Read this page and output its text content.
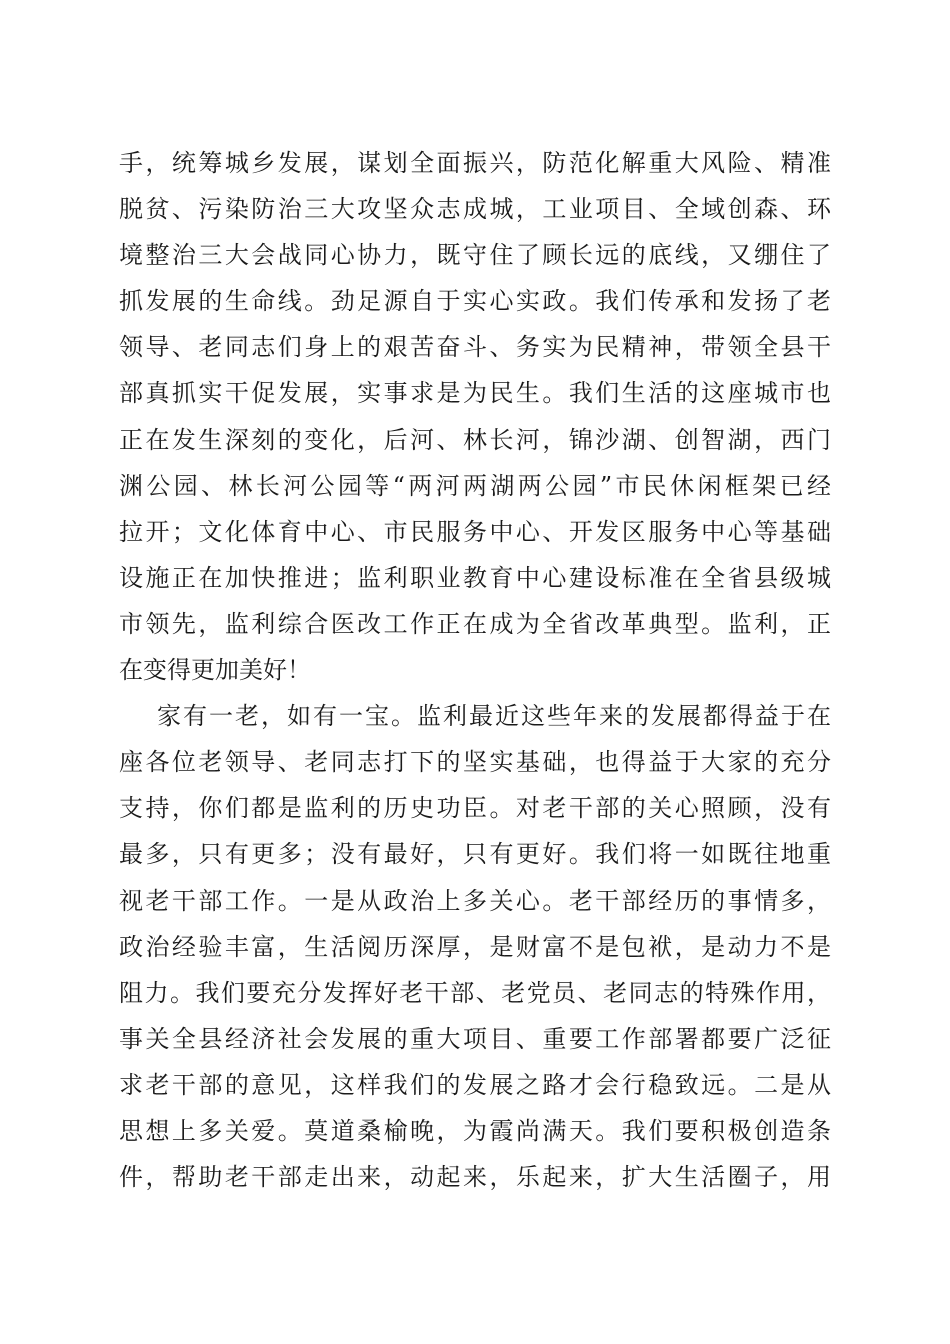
手，统筹城乡发展，谋划全面振兴，防范化解重大风险、精准
脱贫、污染防治三大攻坚众志成城，工业项目、全域创森、环
境整治三大会战同心协力，既守住了顾长远的底线，又绷住了
抓发展的生命线。劲足源自于实心实政。我们传承和发扬了老
领导、老同志们身上的艰苦奋斗、务实为民精神，带领全县干
部真抓实干促发展，实事求是为民生。我们生活的这座城市也
正在发生深刻的变化，后河、林长河，锦沙湖、创智湖，西门
渊公园、林长河公园等“两河两湖两公园”市民休闲框架已经
拉开；文化体育中心、市民服务中心、开发区服务中心等基础
设施正在加快推进；监利职业教育中心建设标准在全省县级城
市领先，监利综合医改工作正在成为全省改革典型。监利，正
在变得更加美好！
家有一老，如有一宝。监利最近这些年来的发展都得益于在
座各位老领导、老同志打下的坚实基础，也得益于大家的充分
支持，你们都是监利的历史功臣。对老干部的关心照顾，没有
最多，只有更多；没有最好，只有更好。我们将一如既往地重
视老干部工作。一是从政治上多关心。老干部经历的事情多，
政治经验丰富，生活阅历深厚，是财富不是包袱，是动力不是
阻力。我们要充分发挥好老干部、老党员、老同志的特殊作用，
事关全县经济社会发展的重大项目、重要工作部署都要广泛征
求老干部的意见，这样我们的发展之路才会行稳致远。二是从
思想上多关爱。莫道桑榆晚，为霞尚满天。我们要积极创造条
件，帮助老干部走出来，动起来，乐起来，扩大生活圈子，用
